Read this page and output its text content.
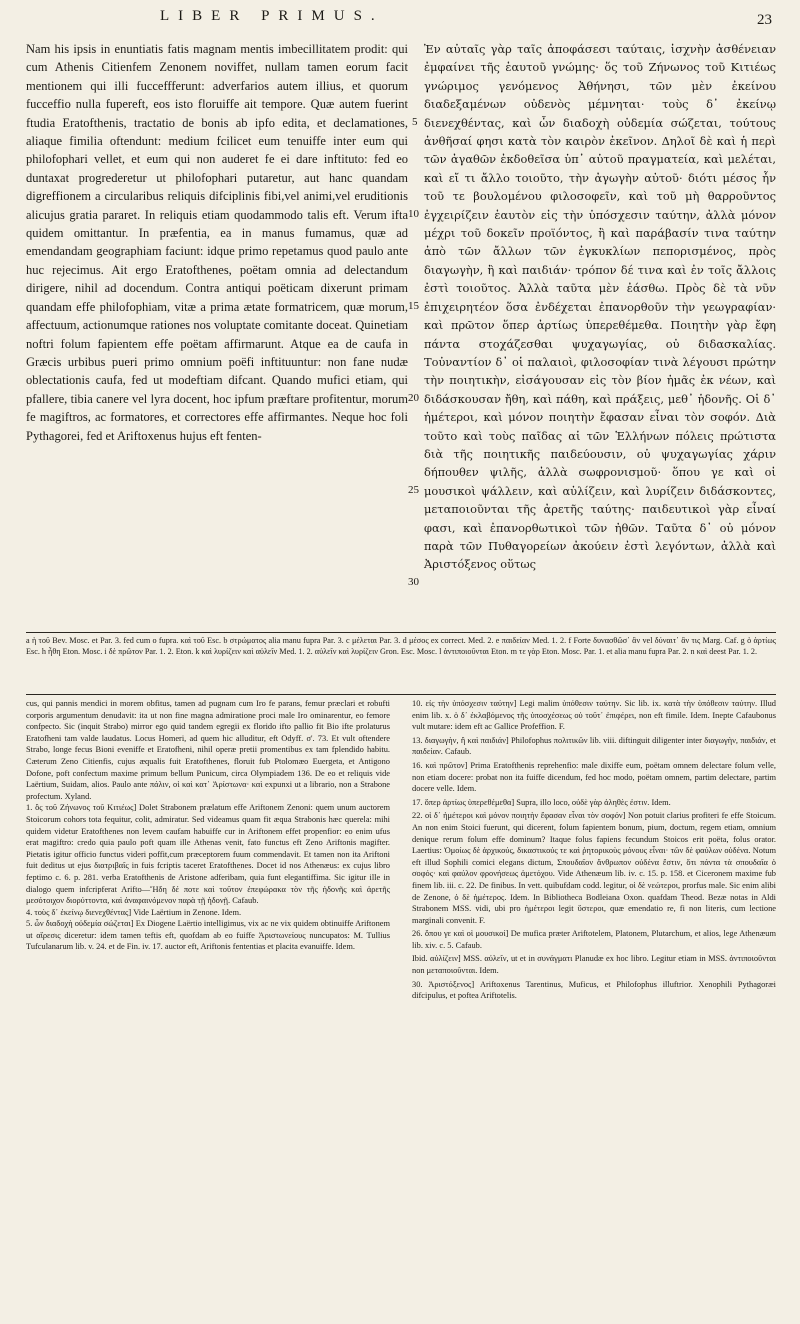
LIBER PRIMUS.	23

Nam his ipsis in enuntiatis fatis magnam mentis imbecillitatem prodit: qui cum Athenis Citienfem Zenonem noviffet, nullam tamen eorum facit mentionem qui illi fucceffferunt: adverfarios autem illius, et quorum fucceffio nulla fupereft, eos isto floruiffe ait tempore. Quæ autem fuerint ftudia Eratofthenis, tractatio de bonis ab ipfo edita, et declamationes, aliaque fimilia oftendunt: medium fcilicet eum tenuiffe inter eum qui philofophari vellet, et eum qui non auderet fe ei dare inftituto: fed eo duntaxat progrederetur ut philofophari putaretur, aut hanc quandam digreffionem a circularibus reliquis difciplinis fibi,vel animi,vel eruditionis alicujus gratia pararet. In reliquis etiam quodammodo talis eft. Verum ifta quidem omittantur. In præfentia, ea in manus fumamus, quæ ad emendandam geographiam faciunt: idque primo repetamus quod paulo ante huc rejecimus. Ait ergo Eratofthenes, poëtam omnia ad delectandum dirigere, nihil ad docendum. Contra antiqui poëticam dixerunt primam quandam effe philofophiam, vitæ a prima ætate formatricem, quæ morum, affectuum, actionumque rationes nos voluptate comitante doceat. Quinetiam noftri folum fapientem effe poëtam affirmarunt. Atque ea de caufa in Græcis urbibus pueri primo omnium poëfi inftituuntur: non fane nudæ oblectationis caufa, fed ut modeftiam difcant. Quando mufici etiam, qui pfallere, tibia canere vel lyra docent, hoc ipfum præftare profitentur, morum fe magiftros, ac formatores, et correctores effe affirmantes. Neque hoc foli Pythagorei, fed et Ariftoxenus hujus eft fenten-

5
10
15
20
25
30

Ἐν αὐταῖς γὰρ ταῖς ἀποφάσεσι ταύταις, ἰσχνὴν ἀσθένειαν ἐμφαίνει τῆς ἑαυτοῦ γνώμης· ὅς τοῦ Ζήνωνος τοῦ Κιτιέως γνώριμος γενόμενος Ἀθήνησι, τῶν μὲν ἐκείνου διαδεξαμένων οὐδενὸς μέμνηται· τοὺς δ᾽ ἐκείνῳ διενεχθέντας, καὶ ὧν διαδοχὴ οὐδεμία σώζεται, τούτους ἀνθῆσαί φησι κατὰ τὸν καιρὸν ἐκεῖνον. Δηλοῖ δὲ καὶ ἡ περὶ τῶν ἀγαθῶν ἐκδοθεῖσα ὑπ᾽ αὐτοῦ πραγματεία, καὶ μελέται, καὶ εἴ τι ἄλλο τοιοῦτο, τὴν ἀγωγὴν αὐτοῦ· διότι μέσος ἦν τοῦ τε βουλομένου φιλοσοφεῖν, καὶ τοῦ μὴ θαρροῦντος ἐγχειρίζειν ἑαυτὸν εἰς τὴν ὑπόσχεσιν ταύτην, ἀλλὰ μόνον μέχρι τοῦ δοκεῖν προϊόντος, ἢ καὶ παράβασίν τινα ταύτην ἀπὸ τῶν ἄλλων τῶν ἐγκυκλίων πεπορισμένος, πρὸς διαγωγὴν, ἢ καὶ παιδιάν· τρόπον δέ τινα καὶ ἐν τοῖς ἄλλοις ἐστὶ τοιοῦτος. Ἀλλὰ ταῦτα μὲν ἐάσθω. Πρὸς δὲ τὰ νῦν ἐπιχειρητέον ὅσα ἐνδέχεται ἐπανορθοῦν τὴν γεωγραφίαν· καὶ πρῶτον ὅπερ ἀρτίως ὑπερεθέμεθα. Ποιητὴν γὰρ ἔφη πάντα στοχάζεσθαι ψυχαγωγίας, οὐ διδασκαλίας. Τοὐναντίον δ᾽ οἱ παλαιοὶ, φιλοσοφίαν τινὰ λέγουσι πρώτην τὴν ποιητικὴν, εἰσάγουσαν εἰς τὸν βίον ἡμᾶς ἐκ νέων, καὶ διδάσκουσαν ἤθη, καὶ πάθη, καὶ πράξεις, μεθ᾽ ἡδονῆς. Οἱ δ᾽ ἡμέτεροι, καὶ μόνον ποιητὴν ἔφασαν εἶναι τὸν σοφόν. Διὰ τοῦτο καὶ τοὺς παῖδας αἱ τῶν Ἑλλήνων πόλεις πρώτιστα διὰ τῆς ποιητικῆς παιδεύουσιν, οὐ ψυχαγωγίας χάριν δήπουθεν ψιλῆς, ἀλλὰ σωφρονισμοῦ· ὅπου γε καὶ οἱ μουσικοὶ ψάλλειν, καὶ αὐλίζειν, καὶ λυρίζειν διδάσκοντες, μεταποιοῦνται τῆς ἀρετῆς ταύτης· παιδευτικοὶ γὰρ εἶναί φασι, καὶ ἐπανορθωτικοὶ τῶν ἠθῶν. Ταῦτα δ᾽ οὐ μόνον παρὰ τῶν Πυθαγορείων ἀκούειν ἐστὶ λεγόντων, ἀλλὰ καὶ Ἀριστόξενος οὕτως

a ἡ τοῦ Bev. Mosc. et Par. 3. fed cum ο fupra. καὶ τοῦ Esc. b στρώματος alia manu fupra Par. 3. c μέλεται Par. 3. d μέσος ex correct. Med. 2. e παιδείαν Med. 1. 2. f Forte δυνασθῶσ᾽ ἂν vel δύναιτ᾽ ἂν τις Marg. Caf. g ὁ ἀρτίως Esc. h ἦθη Eton. Mosc. i δὲ πρῶτον Par. 1. 2. Eton. k καὶ λυρίζειν καὶ αὐλεῖν Med. 1. 2. αὐλεῖν καὶ λυρίζειν Gron. Esc. Mosc. l ἀντιποιοῦνται Eton. m τε γὰρ Eton. Mosc. Par. 1. et alia manu fupra Par. 2. n καὶ deest Par. 1. 2.

cus, qui pannis mendici in morem obfitus, tamen ad pugnam cum Iro fe parans, femur præclari et robufti corporis argumentum denudavit: ita ut non fine magna admiratione proci male Iro ominarentur, eo femore confpecto. Sic (inquit Strabo) mirror ego quid tandem egregii ex florido ifto pallio fit Bio ifte prolaturus Eratofheni tam valde laudatus. Locus Homeri, ad quem hic alluditur, eft Odyff. σ'. 73. Et vult oftendere Strabo, longe fecus Bioni eveniffe et Eratofheni, nihil operæ pretii promentibus ex tam fplendido habitu. Cæterum Zeno Citienfis, cujus æqualis fuit Eratofthenes, floruit fub Ptolomæo Euergeta, et Antigono Dofone, poft confectum maxime primum bellum Punicum, circa Olympiadem 136. De eo et reliquis vide Laërtium, Suidam, alios. Paulo ante πάλιν, οἱ καὶ κατ᾽ Ἀρίστωνα· καὶ expunxi ut a librario, non a Strabone profectum. Xyland.

1. ὃς τοῦ Ζήνωνος τοῦ Κιτιέως] Dolet Strabonem prælatum effe Ariftonem Zenoni: quem unum auctorem Stoicorum cohors tota fequitur, colit, admiratur. Sed videamus quam fit æqua Strabonis hæc querela: mihi quidem videtur Eratofthenes non levem caufam habuiffe cur in Ariftonem effet propenfior: eo enim ufus erat magiftro: credo quia paulo poft quam ille Athenas venit, fato functus eft Zeno Ariftonis magifter. Pietatis igitur officio functus videri poffit,cum præceptorem fuum commendavit. Et tamen non ita Ariftoni fuit deditus ut ejus διατριβαῖς in fuis fcriptis taceret Eratofthenes. Docet id nos Athenæus: ex cujus libro feptimo c. 6. p. 281. verba Eratofthenis de Aristone adferibam, quia funt elegantiffima. Sic igitur ille in dialogo quem infcripferat Arifto—Ἤδη δέ ποτε καὶ τοῦτον ἐπεφώρακα τὸν τῆς ἡδονῆς καὶ ἀρετῆς μεσότοιχον διορύττοντα, καὶ ἀναφαινόμενον παρὰ τῇ ἡδονῇ. Cafaub.

4. τοὺς δ᾽ ἐκείνῳ διενεχθέντας] Vide Laërtium in Zenone. Idem.

5. ὧν διαδοχὴ οὐδεμία σώζεται] Ex Diogene Laërtio intelligimus, vix ac ne vix quidem obtinuiffe Ariftonem ut αἵρεσις diceretur: idem tamen teftis eft, quofdam ab eo fuiffe Ἀριστωνείους nuncupatos: M. Tullius Tufculanarum lib. v. 24. et de Fin. iv. 17. auctor eft, Ariftonis fententias et placita evanuiffe. Idem.

10. εἰς τὴν ὑπόσχεσιν ταύτην] Legi malim ὑπόθεσιν ταύτην. Sic lib. ix. κατὰ τὴν ὑπόθεσιν ταύτην. Illud enim lib. x. ὁ δ᾽ ἐκλαβόμενος τῆς ὑποσχέσεως οὐ τοῦτ᾽ ἐπιφέρει, non eft fimile. Idem. Inepte Cafaubonus vult mutare: idem eft ac Gallice Profeffion. F.

13. διαγωγὴν, ἢ καὶ παιδιάν] Philofophus πολιτικῶν lib. viii. diftinguit diligenter inter διαγωγὴν, παιδιάν, et παιδείαν. Cafaub.

16. καὶ πρῶτον] Prima Eratofthenis reprehenfio: male dixiffe eum, poëtam omnem delectare folum velle, non etiam docere: probat non ita fuiffe dicendum, fed hoc modo, poëtam omnem, partim delectare, partim docere velle. Idem.

17. ὅπερ ἀρτίως ὑπερεθέμεθα] Supra, illo loco, οὐδὲ γὰρ ἀληθὲς ἐστιν. Idem.

22. οἱ δ᾽ ἡμέτεροι καὶ μόνον ποιητὴν ἔφασαν εἶναι τὸν σοφόν] Non potuit clarius profiteri fe effe Stoicum. An non enim Stoici fuerunt, qui dicerent, folum fapientem bonum, pium, doctum, regem etiam, omnium denique rerum folum effe dominum? Itaque folus fapiens fecundum Stoicos erit poëta, folus orator. Laertius: Ὁμοίως δὲ ἀρχικούς, δικαστικούς τε καὶ ῥητορικοὺς μόνους εἶναι· τῶν δὲ φαύλων οὐδένα. Notum eft illud Sophili comici elegans dictum, Σπουδαῖον ἄνθρωπον οὐδένα ἔστιν, ὅτι πάντα τὰ σπουδαῖα ὁ σοφός· καὶ φαύλον φρονήσεως ἀμετόχου. Vide Athenæum lib. iv. c. 15. p. 158. et Ciceronem maxime fub finem lib. iii. c. 22. De finibus. In vett. quibufdam codd. legitur, οἱ δὲ νεώτεροι, prorfus male. Sic enim alibi de Zenone, ὁ δὲ ἡμέτερος. Idem. In Bibliotheca Bodleiana Oxon. quafdam Theod. Bezæ notas in Aldi Strabonem MSS. vidi, ubi pro ἡμέτεροι legit ὕστεροι, quæ emendatio re, fi non literis, cum lectione marginali convenit. F.

26. ὅπου γε καὶ οἱ μουσικοί] De mufica præter Ariftotelem, Platonem, Plutarchum, et alios, lege Athenæum lib. xiv. c. 5. Cafaub.

Ibid. αὐλίζειν] MSS. αὐλεῖν, ut et in συνάγματι Planudæ ex hoc libro. Legitur etiam in MSS. ἀντιποιοῦνται non μεταποιοῦνται. Idem.

30. Ἀριστόξενος] Ariftoxenus Tarentinus, Muficus, et Philofophus illuftrior. Xenophili Pythagoræi difcipulus, et poftea Ariftotelis.
